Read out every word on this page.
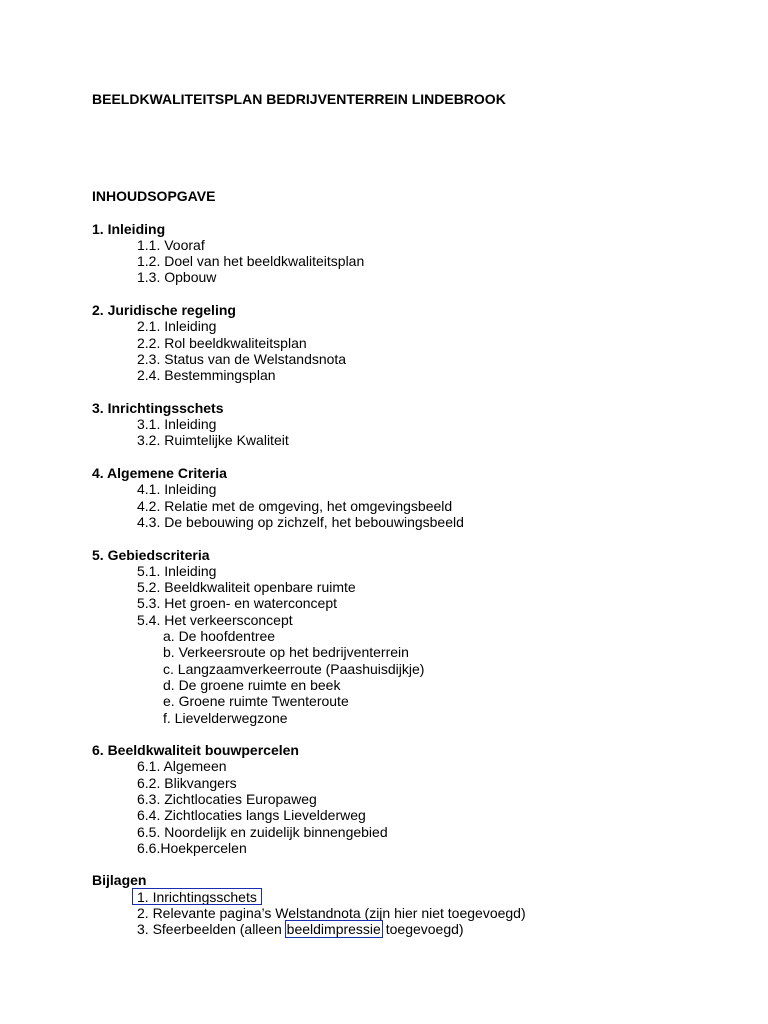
BEELDKWALITEITSPLAN BEDRIJVENTERREIN LINDEBROOK
INHOUDSOPGAVE
1. Inleiding
1.1. Vooraf
1.2. Doel van het beeldkwaliteitsplan
1.3. Opbouw
2. Juridische regeling
2.1. Inleiding
2.2. Rol beeldkwaliteitsplan
2.3. Status van de Welstandsnota
2.4. Bestemmingsplan
3. Inrichtingsschets
3.1. Inleiding
3.2. Ruimtelijke Kwaliteit
4. Algemene Criteria
4.1. Inleiding
4.2. Relatie met de omgeving, het omgevingsbeeld
4.3. De bebouwing op zichzelf, het bebouwingsbeeld
5. Gebiedscriteria
5.1. Inleiding
5.2. Beeldkwaliteit openbare ruimte
5.3. Het groen- en waterconcept
5.4. Het verkeersconcept
a. De hoofdentree
b. Verkeersroute op het bedrijventerrein
c. Langzaamverkeerroute (Paashuisdijkje)
d. De groene ruimte en beek
e. Groene ruimte Twenteroute
f. Lievelderwegzone
6. Beeldkwaliteit bouwpercelen
6.1. Algemeen
6.2. Blikvangers
6.3. Zichtlocaties Europaweg
6.4. Zichtlocaties langs Lievelderweg
6.5. Noordelijk en zuidelijk binnengebied
6.6.Hoekpercelen
Bijlagen
1. Inrichtingsschets
2. Relevante pagina’s Welstandnota (zijn hier niet toegevoegd)
3. Sfeerbeelden (alleen beeldimpressie toegevoegd)
